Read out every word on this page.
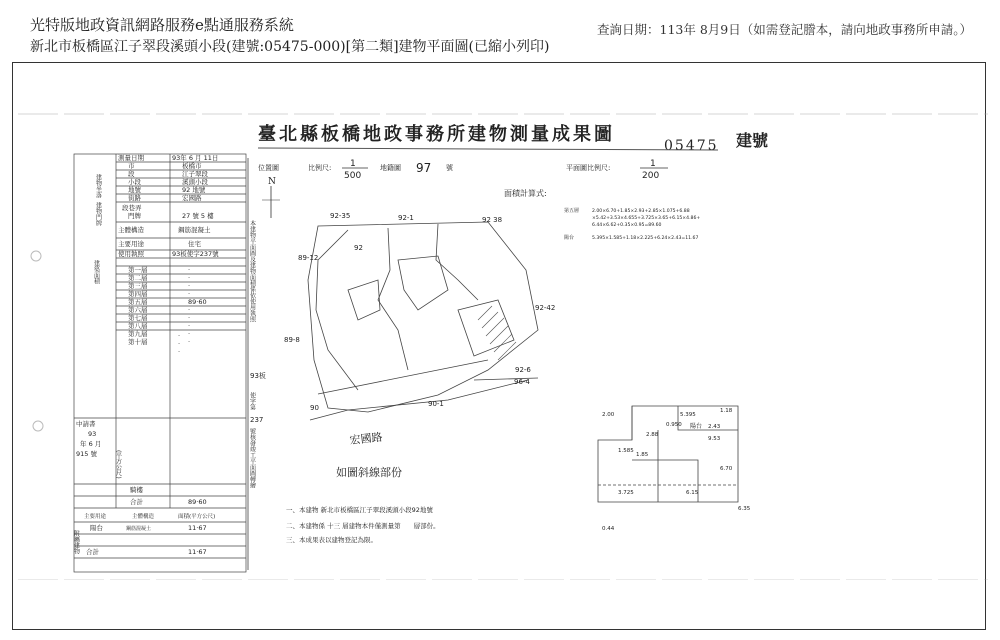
光特版地政資訊網路服務e點通服務系統
新北市板橋區江子翠段溪頭小段(建號:05475-000)[第二類]建物平面圖(已縮小列印)
查詢日期：113年 8月9日（如需登記謄本，請向地政事務所申請。）
臺北縣板橋地政事務所建物測量成果圖
05475 建號
位置圖	比例尺: 1
500
地籍圖 97 號	平面圖比例尺:	1
200
N
面積計算式:
第五層	2.00×6.70+1.85×2.93+2.85×1.075+6.88
×5.42+3.53×4.655+3.725×3.65+6.15×4.86+
6.44×6.62+0.35×0.95=89.60
陽台	5.395×1.585+1.18×2.225+6.24×2.43=11.67
92-35	92-1	92 38
92
89-12
92-42
89-8
92-6
96-4
90	90-1
宏國路
如圖斜線部份
2.00	5.395
2.88
0.950
1.585
2.43
9.53
1.85
3.725	6.15
1.18
6.35
0.44
6.70
陽台
本建物平面圖及建物面積係依使用執照
93板
使字第
237
號核發竣工平面圖轉繪
一、本建物 新北市板橋區江子翠段溪頭小段92地號
二、本建物係 十三 層建物本件僅測量第　　層部份。
三、本成果表以建物登記為限。
測量日期	93年 6 月 11日
建物坐落
市	板橋市
段	江子翠段
小段	溪頭小段
地號	92 地號
建物門牌
街路	宏國路
段巷弄
門牌	27 號 5 樓
主體構造	鋼筋混凝土
主要用途	住宅
使用執照	93板使字237號
建築面積	第一層	·
第二層	·
第三層	·
第四層	·
第五層	89·60
第六層	·
第七層	·
第八層	·
第九層	·
第十層	·
·
·
·
中請書
93
年 6 月
915 號	(平方公尺)
騎樓
合計	89·60
附屬建物
主要用途	主體構造	面積(平方公尺)
陽台	鋼筋混凝土	11·67
合計	11·67
